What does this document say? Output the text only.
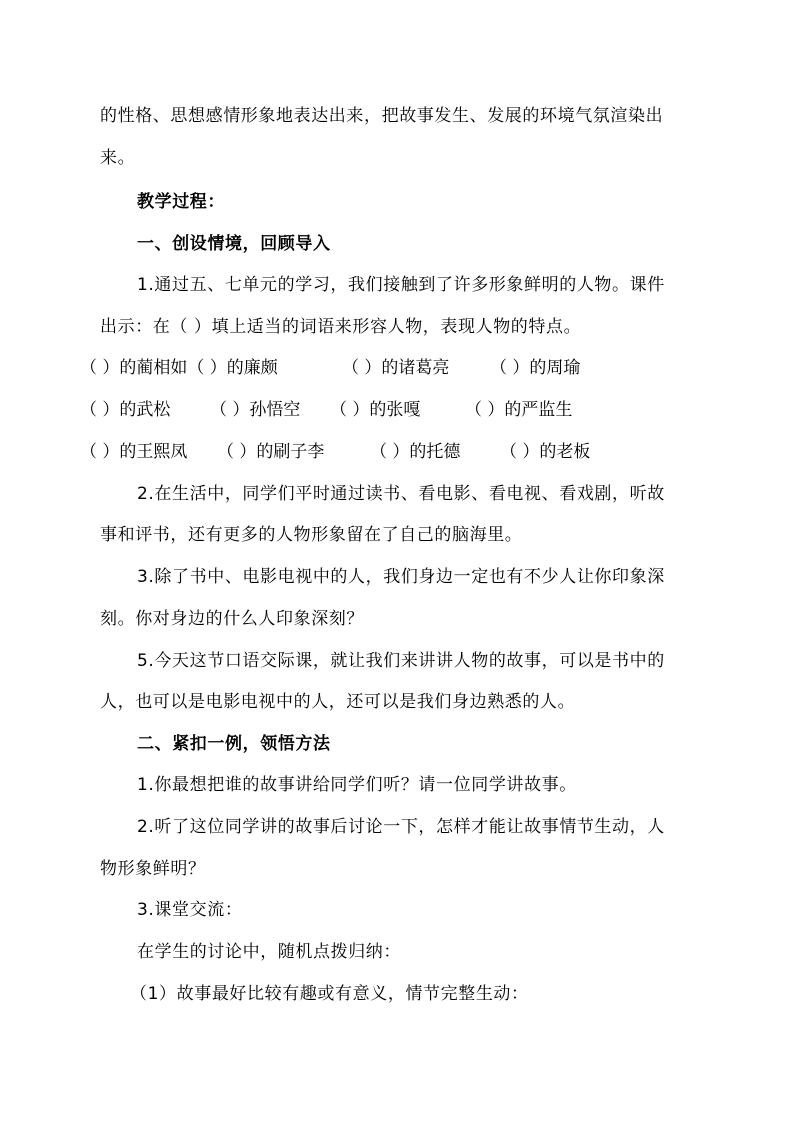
的性格、思想感情形象地表达出来，把故事发生、发展的环境气氛渲染出
来。
教学过程：
一、创设情境，回顾导入
1.通过五、七单元的学习，我们接触到了许多形象鲜明的人物。课件
出示：在（ ）填上适当的词语来形容人物，表现人物的特点。
（ ）的蔺相如（ ）的廉颇	（ ）的诸葛亮 （ ）的周瑜
（ ）的武松 （ ）孙悟空 （ ）的张嘎	（ ）的严监生
（ ）的王熙凤 （ ）的刷子李	（ ）的托德 （ ）的老板
2.在生活中，同学们平时通过读书、看电影、看电视、看戏剧，听故
事和评书，还有更多的人物形象留在了自己的脑海里。
3.除了书中、电影电视中的人，我们身边一定也有不少人让你印象深
刻。你对身边的什么人印象深刻？
5.今天这节口语交际课，就让我们来讲讲人物的故事，可以是书中的
人，也可以是电影电视中的人，还可以是我们身边熟悉的人。
二、紧扣一例，领悟方法
1.你最想把谁的故事讲给同学们听？请一位同学讲故事。
2.听了这位同学讲的故事后讨论一下，怎样才能让故事情节生动，人
物形象鲜明？
3.课堂交流：
在学生的讨论中，随机点拨归纳：
（1）故事最好比较有趣或有意义，情节完整生动：
